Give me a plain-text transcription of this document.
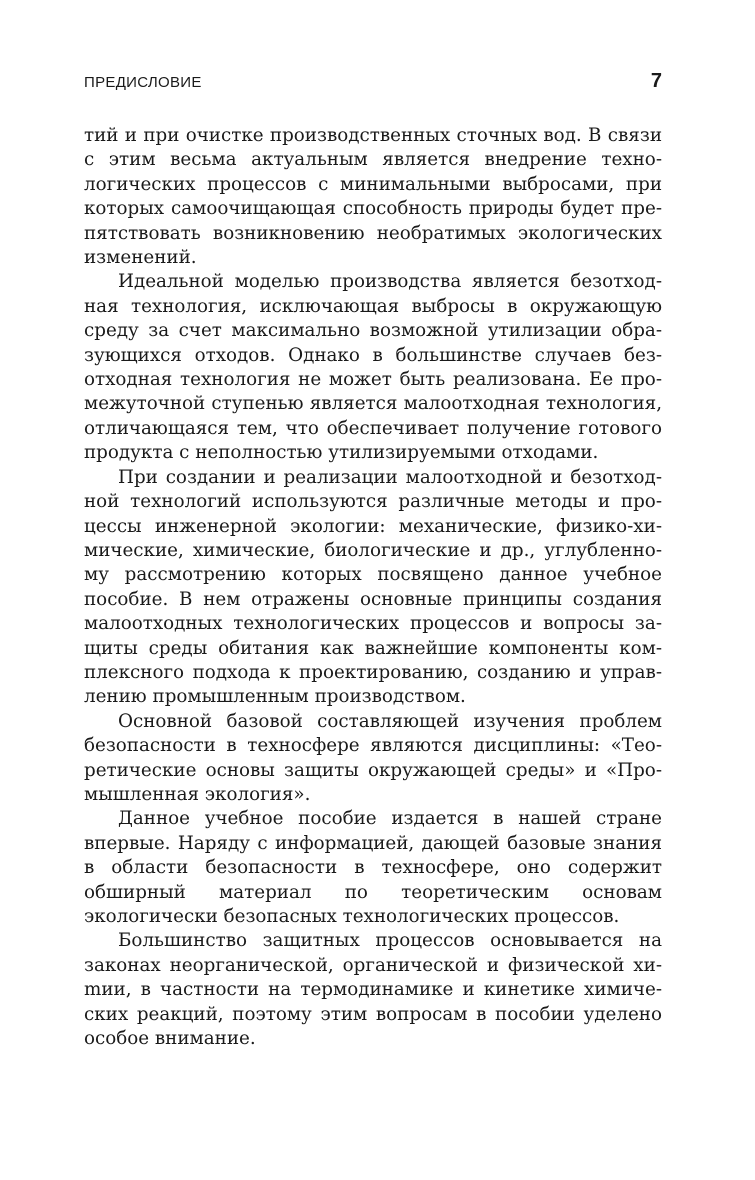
ПРЕДИСЛОВИЕ	7

тий и при очистке производственных сточных вод. В связи с этим весьма актуальным является внедрение технологических процессов с минимальными выбросами, при которых самоочищающая способность природы будет препятствовать возникновению необратимых экологических изменений.

Идеальной моделью производства является безотходная технология, исключающая выбросы в окружающую среду за счет максимально возможной утилизации образующихся отходов. Однако в большинстве случаев безотходная технология не может быть реализована. Ее промежуточной ступенью является малоотходная технология, отличающаяся тем, что обеспечивает получение готового продукта с неполностью утилизируемыми отходами.

При создании и реализации малоотходной и безотходной технологий используются различные методы и процессы инженерной экологии: механические, физико-химические, химические, биологические и др., углубленному рассмотрению которых посвящено данное учебное пособие. В нем отражены основные принципы создания малоотходных технологических процессов и вопросы защиты среды обитания как важнейшие компоненты комплексного подхода к проектированию, созданию и управлению промышленным производством.

Основной базовой составляющей изучения проблем безопасности в техносфере являются дисциплины: «Теоретические основы защиты окружающей среды» и «Промышленная экология».

Данное учебное пособие издается в нашей стране впервые. Наряду с информацией, дающей базовые знания в области безопасности в техносфере, оно содержит обширный материал по теоретическим основам экологически безопасных технологических процессов.

Большинство защитных процессов основывается на законах неорганической, органической и физической хиmии, в частности на термодинамике и кинетике химических реакций, поэтому этим вопросам в пособии уделено особое внимание.
